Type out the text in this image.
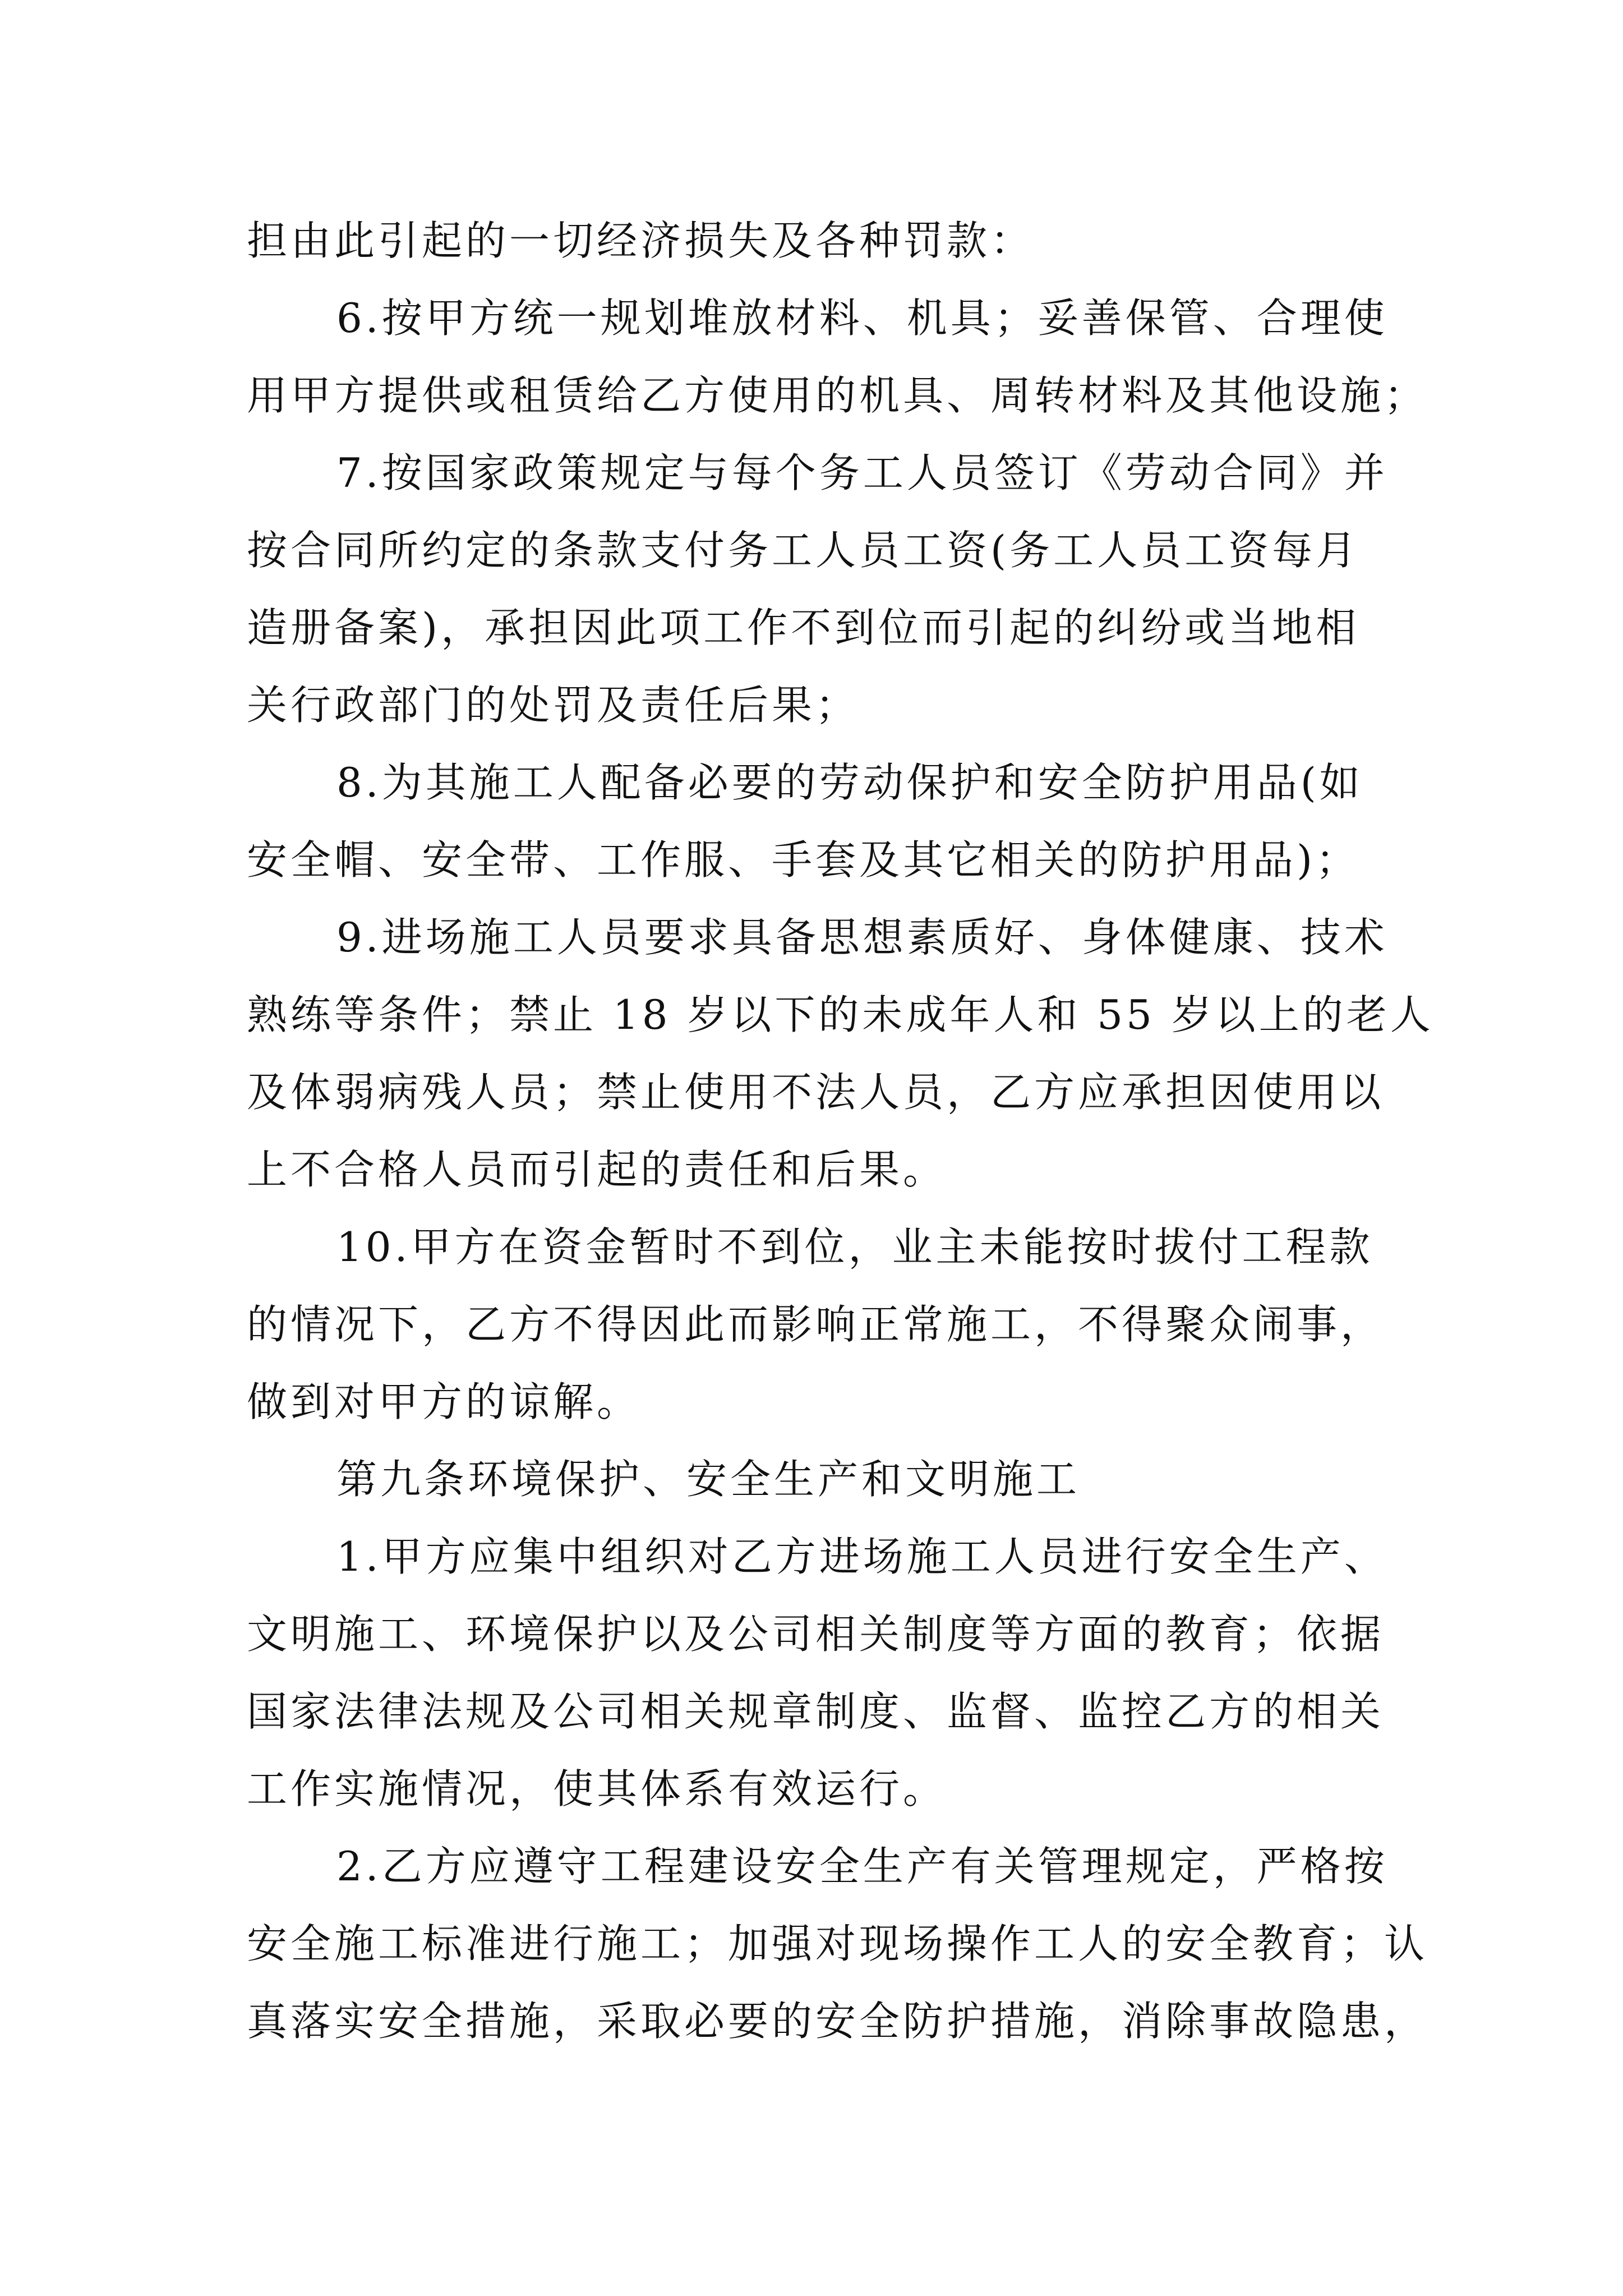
担由此引起的一切经济损失及各种罚款：
6.按甲方统一规划堆放材料、机具；妥善保管、合理使
用甲方提供或租赁给乙方使用的机具、周转材料及其他设施；
7.按国家政策规定与每个务工人员签订《劳动合同》并
按合同所约定的条款支付务工人员工资(务工人员工资每月
造册备案)，承担因此项工作不到位而引起的纠纷或当地相
关行政部门的处罚及责任后果；
8.为其施工人配备必要的劳动保护和安全防护用品(如
安全帽、安全带、工作服、手套及其它相关的防护用品)；
9.进场施工人员要求具备思想素质好、身体健康、技术
熟练等条件；禁止 18 岁以下的未成年人和 55 岁以上的老人
及体弱病残人员；禁止使用不法人员，乙方应承担因使用以
上不合格人员而引起的责任和后果。
10.甲方在资金暂时不到位，业主未能按时拔付工程款
的情况下，乙方不得因此而影响正常施工，不得聚众闹事，
做到对甲方的谅解。
第九条环境保护、安全生产和文明施工
1.甲方应集中组织对乙方进场施工人员进行安全生产、
文明施工、环境保护以及公司相关制度等方面的教育；依据
国家法律法规及公司相关规章制度、监督、监控乙方的相关
工作实施情况，使其体系有效运行。
2.乙方应遵守工程建设安全生产有关管理规定，严格按
安全施工标准进行施工；加强对现场操作工人的安全教育；认
真落实安全措施，采取必要的安全防护措施，消除事故隐患，
